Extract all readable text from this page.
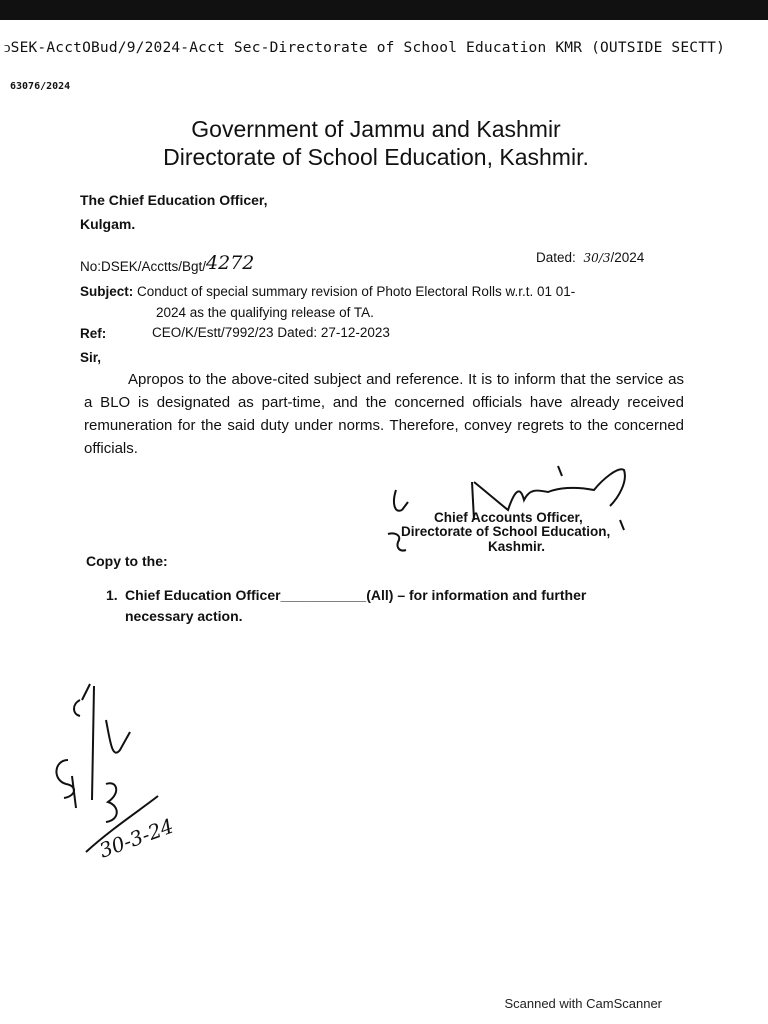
ↄSEK-AcctOBud/9/2024-Acct Sec-Directorate of School Education KMR (OUTSIDE SECTT)
63076/2024
Government of Jammu and Kashmir
Directorate of School Education, Kashmir.
The Chief Education Officer,
Kulgam.
No:DSEK/Acctts/Bgt/4272	Dated: 30/3/2024
Subject: Conduct of special summary revision of Photo Electoral Rolls w.r.t. 01 01-
2024 as the qualifying release of TA.
Ref:	CEO/K/Estt/7992/23 Dated: 27-12-2023
Sir,
Apropos to the above-cited subject and reference. It is to inform that the service as a BLO is designated as part-time, and the concerned officials have already received remuneration for the said duty under norms. Therefore, convey regrets to the concerned officials.
Chief Accounts Officer,
Directorate of School Education,
Kashmir.
Copy to the:
1. Chief Education Officer___________(All) – for information and further
necessary action.
30-3-24
Scanned with CamScanner
